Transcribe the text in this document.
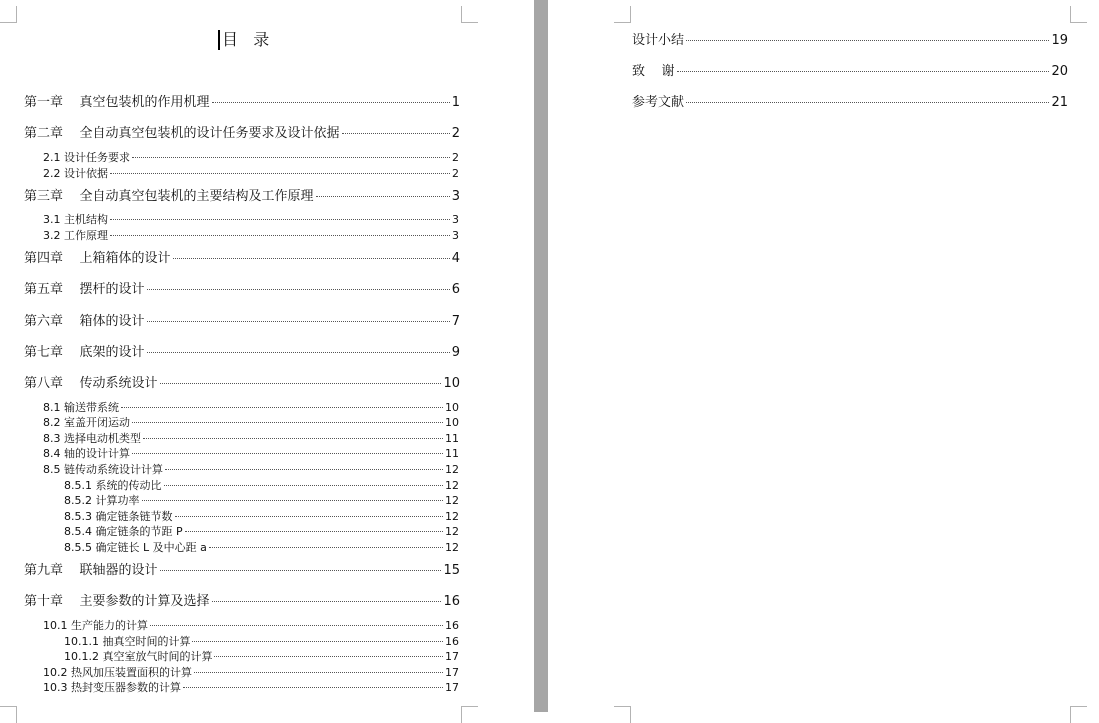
目   录
第一章    真空包装机的作用机理	1
第二章    全自动真空包装机的设计任务要求及设计依据	2
2.1 设计任务要求	2
2.2 设计依据	2
第三章    全自动真空包装机的主要结构及工作原理	3
3.1 主机结构	3
3.2 工作原理	3
第四章    上箱箱体的设计	4
第五章    摆杆的设计	6
第六章    箱体的设计	7
第七章    底架的设计	9
第八章    传动系统设计	10
8.1 输送带系统	10
8.2 室盖开闭运动	10
8.3 选择电动机类型	11
8.4 轴的设计计算	11
8.5 链传动系统设计计算	12
8.5.1 系统的传动比	12
8.5.2 计算功率	12
8.5.3 确定链条链节数	12
8.5.4 确定链条的节距 P	12
8.5.5 确定链长 L 及中心距 a	12
第九章    联轴器的设计	15
第十章    主要参数的计算及选择	16
10.1 生产能力的计算	16
10.1.1 抽真空时间的计算	16
10.1.2 真空室放气时间的计算	17
10.2 热风加压装置面积的计算	17
10.3 热封变压器参数的计算	17
设计小结	19
致    谢	20
参考文献	21
